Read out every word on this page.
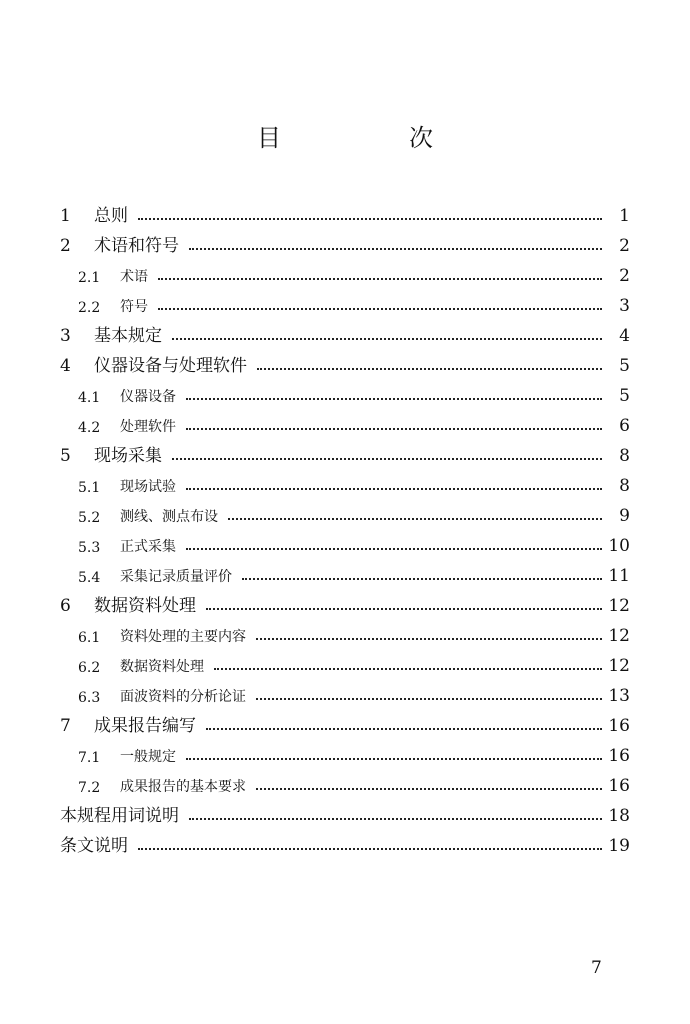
目　次
1	总则	1
2	术语和符号	2
2.1	术语	2
2.2	符号	3
3	基本规定	4
4	仪器设备与处理软件	5
4.1	仪器设备	5
4.2	处理软件	6
5	现场采集	8
5.1	现场试验	8
5.2	测线、测点布设	9
5.3	正式采集	10
5.4	采集记录质量评价	11
6	数据资料处理	12
6.1	资料处理的主要内容	12
6.2	数据资料处理	12
6.3	面波资料的分析论证	13
7	成果报告编写	16
7.1	一般规定	16
7.2	成果报告的基本要求	16
本规程用词说明	18
条文说明	19
7
